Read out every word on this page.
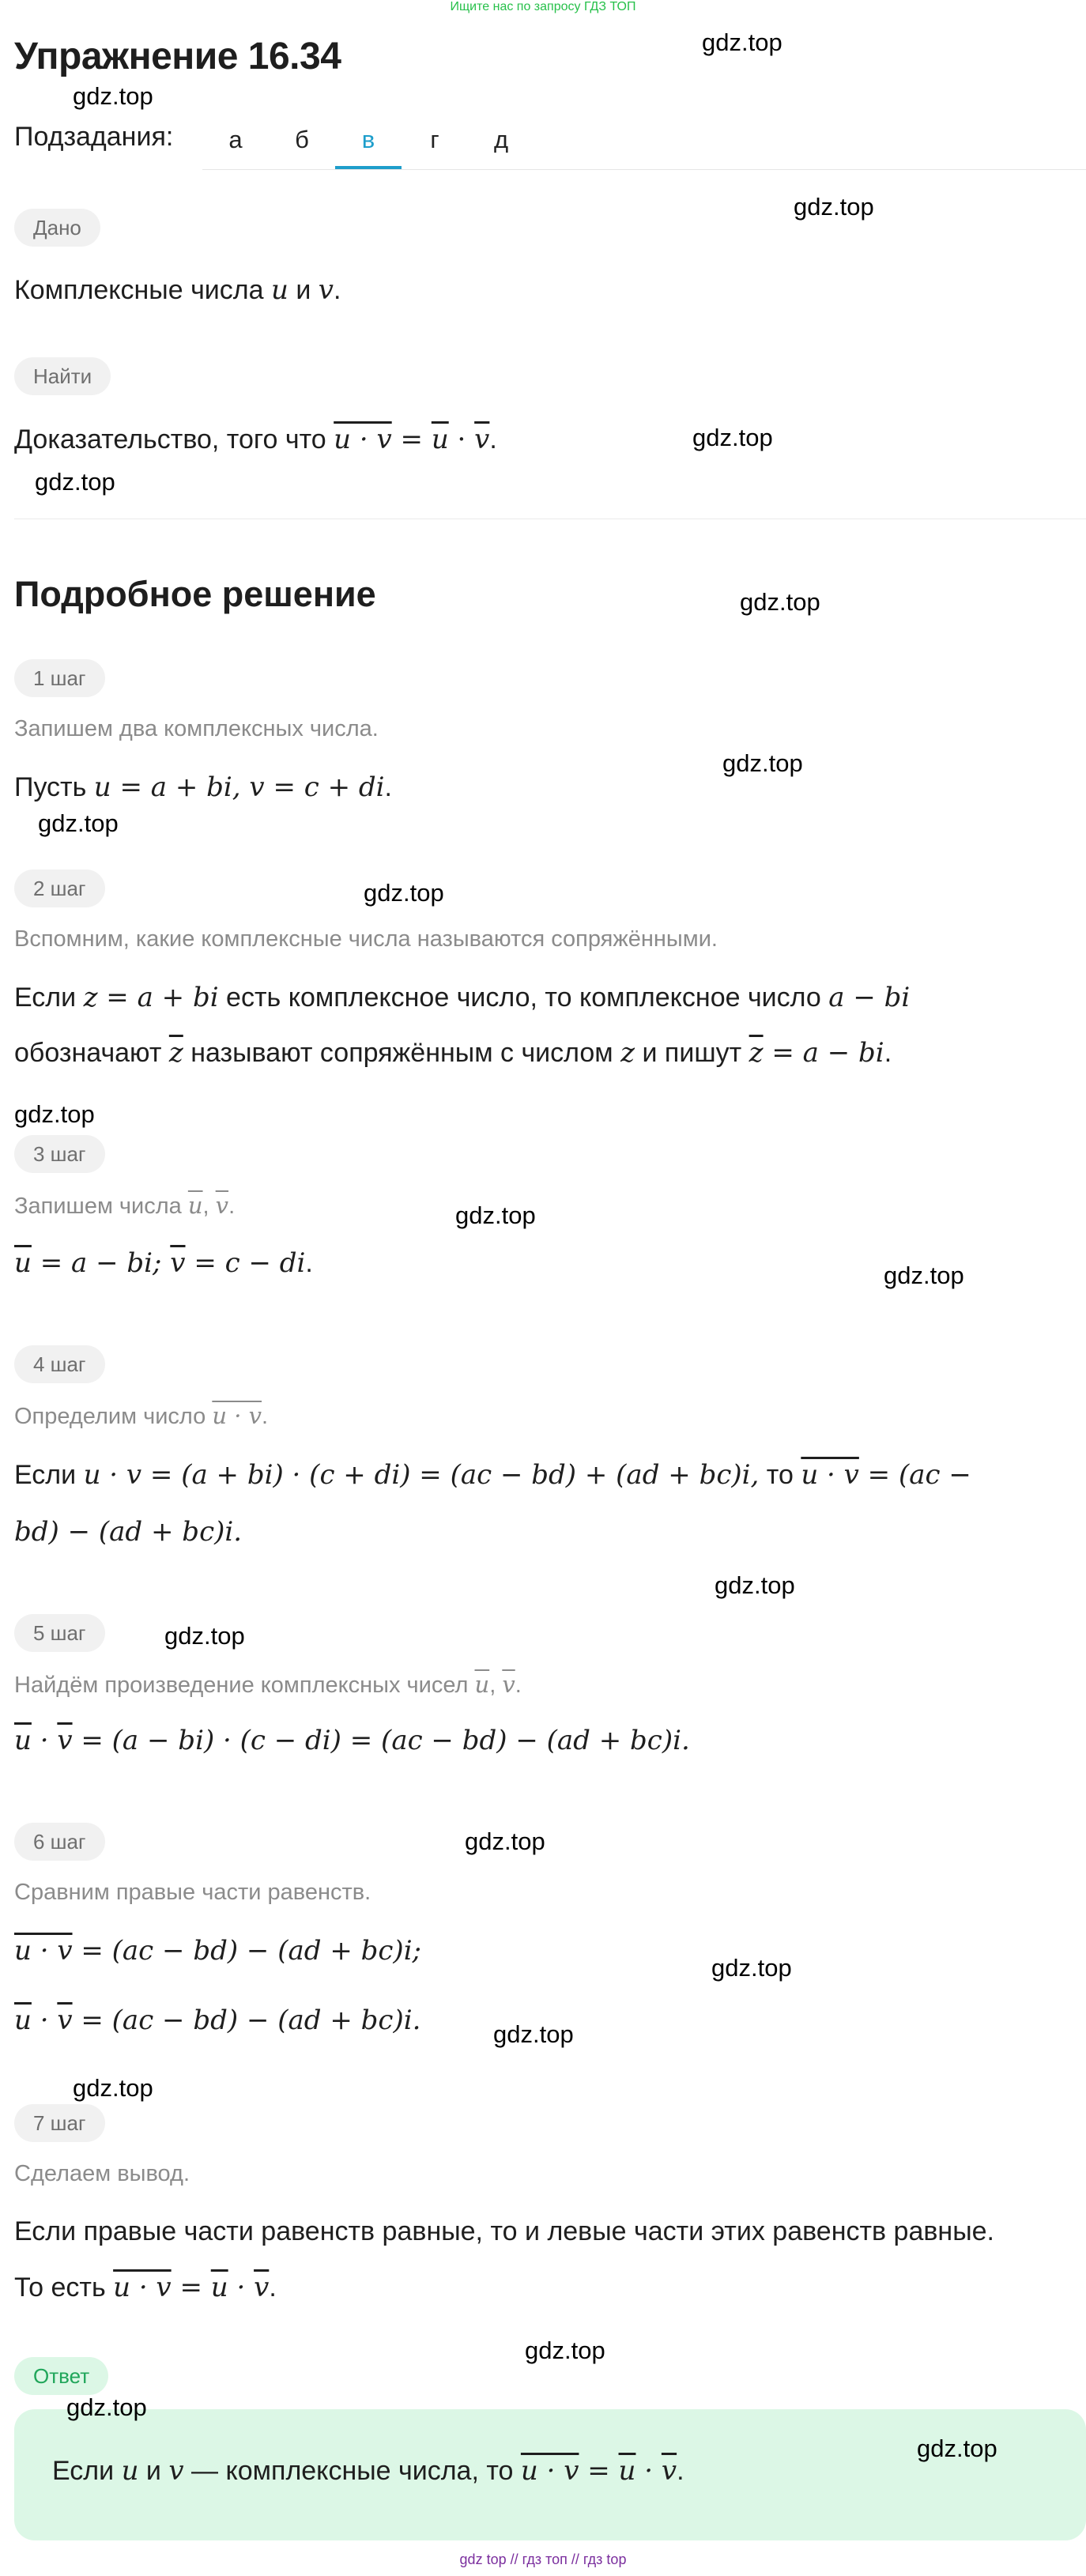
Ищите нас по запросу ГДЗ ТОП
Упражнение 16.34
Подзадания:	а	б	в	г	д
Дано
Комплексные числа u и v.
Найти
Доказательство, того что $u \cdot v = \overline{u} \cdot \overline{v}$.
Подробное решение
1 шаг
Запишем два комплексных числа.
Пусть u = a + bi, v = c + di.
2 шаг
Вспомним, какие комплексные числа называются сопряжёнными.
Если z = a + bi есть комплексное число, то комплексное число a − bi
обозначают $\overline{z}$ называют сопряжённым с числом z и пишут $\overline{z} = a$ − bi.
3 шаг
Запишем числа $\overline{u}$, $\overline{v}$.
$\overline{u} = a$ − bi; $\overline{v} = c$ − di.
4 шаг
Определим число u · v.
Если u · v = (a + bi) · (c + di) = (ac − bd) + (ad + bc)i, то u · v = (ac −
bd) − (ad + bc)i.
5 шаг
Найдём произведение комплексных чисел $\overline{u}$, $\overline{v}$.
$\overline{u} \cdot \overline{v} = (a - bi) \cdot (c - di) = (ac - bd) - (ad + bc)i$.
6 шаг
Сравним правые части равенств.
u · v = (ac − bd) − (ad + bc)i;
$\overline{u} \cdot \overline{v} = (ac - bd) - (ad + bc)i$.
7 шаг
Сделаем вывод.
Если правые части равенств равные, то и левые части этих равенств равные.
То есть $u \cdot v = \overline{u} \cdot \overline{v}$.
Ответ
Если u и v — комплексные числа, то $u \cdot v = \overline{u} \cdot \overline{v}$.
gdz.top
gdz.top
gdz.top
gdz.top
gdz.top
gdz.top
gdz.top
gdz.top
gdz.top
gdz.top
gdz.top
gdz.top
gdz.top
gdz.top
gdz.top
gdz.top
gdz.top
gdz.top
gdz.top
gdz.top
gdz.top
gdz top // гдз топ // гдз top
